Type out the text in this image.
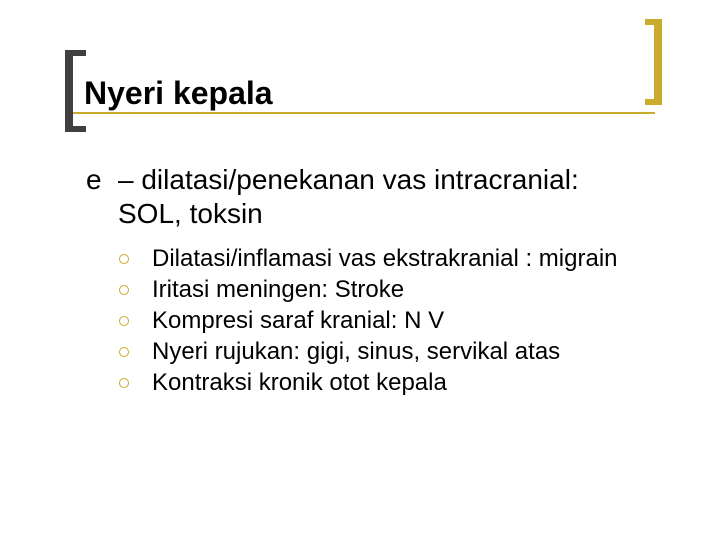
Nyeri kepala
e – dilatasi/penekanan vas intracranial:
SOL, toksin
Dilatasi/inflamasi vas ekstrakranial : migrain
Iritasi meningen: Stroke
Kompresi saraf kranial: N V
Nyeri rujukan: gigi, sinus, servikal atas
Kontraksi kronik otot kepala
